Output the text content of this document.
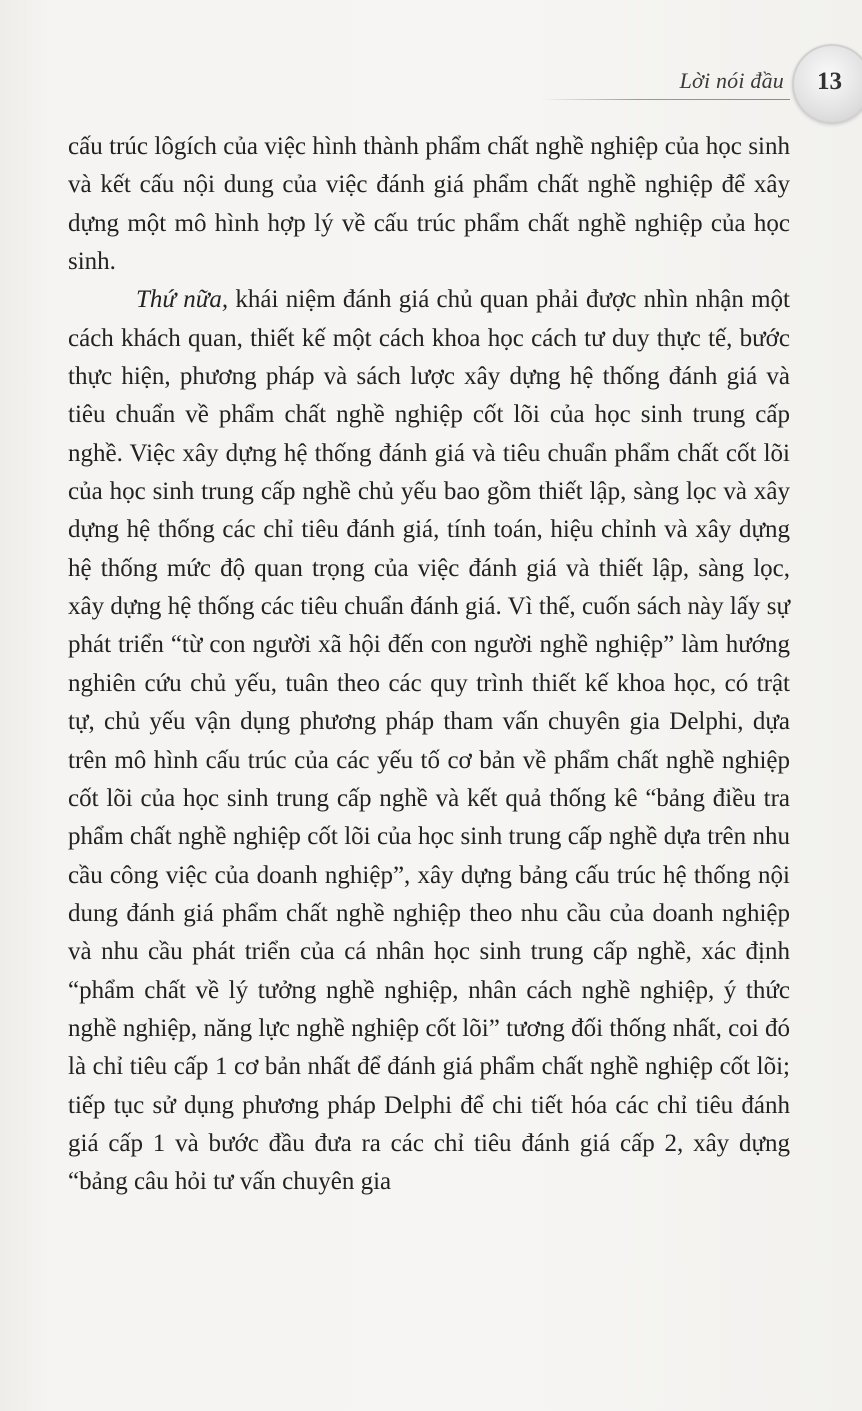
Lời nói đầu 13

cấu trúc lôgích của việc hình thành phẩm chất nghề nghiệp của học sinh và kết cấu nội dung của việc đánh giá phẩm chất nghề nghiệp để xây dựng một mô hình hợp lý về cấu trúc phẩm chất nghề nghiệp của học sinh.

Thứ nữa, khái niệm đánh giá chủ quan phải được nhìn nhận một cách khách quan, thiết kế một cách khoa học cách tư duy thực tế, bước thực hiện, phương pháp và sách lược xây dựng hệ thống đánh giá và tiêu chuẩn về phẩm chất nghề nghiệp cốt lõi của học sinh trung cấp nghề. Việc xây dựng hệ thống đánh giá và tiêu chuẩn phẩm chất cốt lõi của học sinh trung cấp nghề chủ yếu bao gồm thiết lập, sàng lọc và xây dựng hệ thống các chỉ tiêu đánh giá, tính toán, hiệu chỉnh và xây dựng hệ thống mức độ quan trọng của việc đánh giá và thiết lập, sàng lọc, xây dựng hệ thống các tiêu chuẩn đánh giá. Vì thế, cuốn sách này lấy sự phát triển “từ con người xã hội đến con người nghề nghiệp” làm hướng nghiên cứu chủ yếu, tuân theo các quy trình thiết kế khoa học, có trật tự, chủ yếu vận dụng phương pháp tham vấn chuyên gia Delphi, dựa trên mô hình cấu trúc của các yếu tố cơ bản về phẩm chất nghề nghiệp cốt lõi của học sinh trung cấp nghề và kết quả thống kê “bảng điều tra phẩm chất nghề nghiệp cốt lõi của học sinh trung cấp nghề dựa trên nhu cầu công việc của doanh nghiệp”, xây dựng bảng cấu trúc hệ thống nội dung đánh giá phẩm chất nghề nghiệp theo nhu cầu của doanh nghiệp và nhu cầu phát triển của cá nhân học sinh trung cấp nghề, xác định “phẩm chất về lý tưởng nghề nghiệp, nhân cách nghề nghiệp, ý thức nghề nghiệp, năng lực nghề nghiệp cốt lõi” tương đối thống nhất, coi đó là chỉ tiêu cấp 1 cơ bản nhất để đánh giá phẩm chất nghề nghiệp cốt lõi; tiếp tục sử dụng phương pháp Delphi để chi tiết hóa các chỉ tiêu đánh giá cấp 1 và bước đầu đưa ra các chỉ tiêu đánh giá cấp 2, xây dựng “bảng câu hỏi tư vấn chuyên gia
